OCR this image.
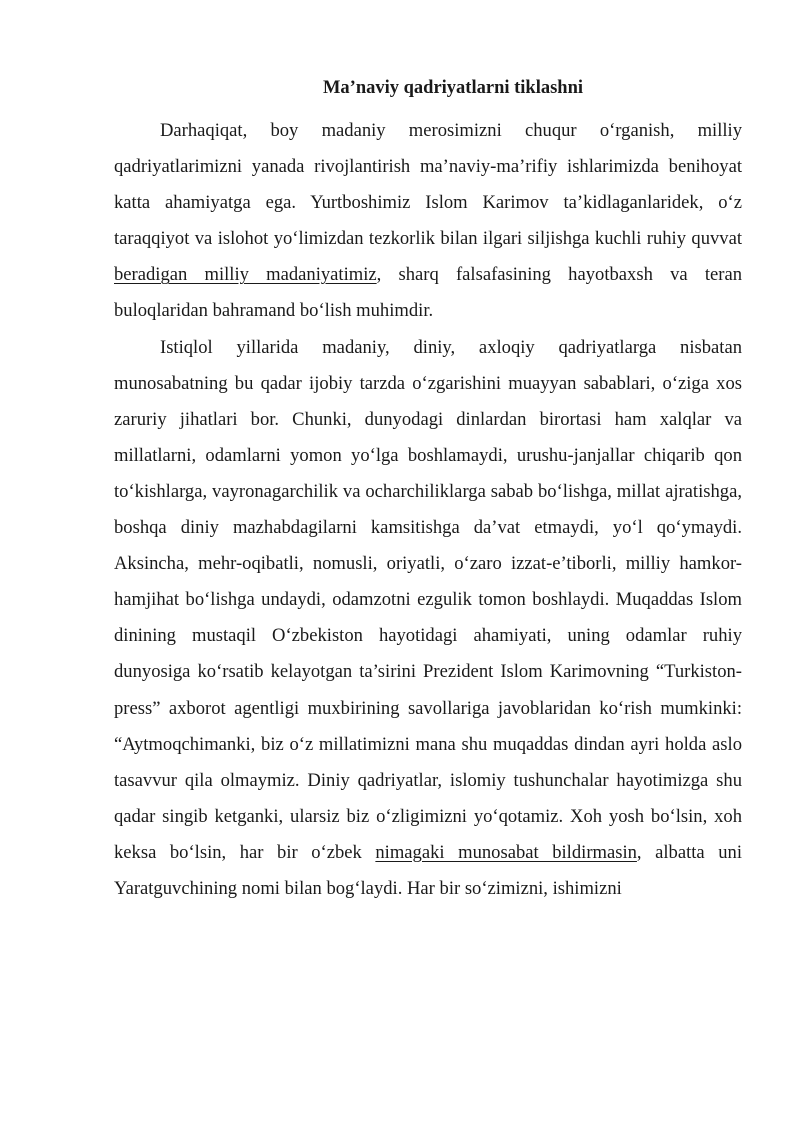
Ma’naviy qadriyatlarni tiklashni

Darhaqiqat, boy madaniy merosimizni chuqur o‘rganish, milliy qadriyatlarimizni yanada rivojlantirish ma’naviy-ma’rifiy ishlarimizda benihoyat katta ahamiyatga ega. Yurtboshimiz Islom Karimov ta’kidlaganlaridek, o‘z taraqqiyot va islohot yo‘limizdan tezkorlik bilan ilgari siljishga kuchli ruhiy quvvat beradigan milliy madaniyatimiz, sharq falsafasining hayotbaxsh va teran buloqlaridan bahramand bo‘lish muhimdir.

Istiqlol yillarida madaniy, diniy, axloqiy qadriyatlarga nisbatan munosabatning bu qadar ijobiy tarzda o‘zgarishini muayyan sabablari, o‘ziga xos zaruriy jihatlari bor. Chunki, dunyodagi dinlardan birortasi ham xalqlar va millatlarni, odamlarni yomon yo‘lga boshlamaydi, urushu-janjallar chiqarib qon to‘kishlarga, vayronagarchilik va ocharchiliklarga sabab bo‘lishga, millat ajratishga, boshqa diniy mazhabdagilarni kamsitishga da’vat etmaydi, yo‘l qo‘ymaydi. Aksincha, mehr-oqibatli, nomusli, oriyatli, o‘zaro izzat-e’tiborli, milliy hamkor-hamjihat bo‘lishga undaydi, odamzotni ezgulik tomon boshlaydi. Muqaddas Islom dinining mustaqil O‘zbekiston hayotidagi ahamiyati, uning odamlar ruhiy dunyosiga ko‘rsatib kelayotgan ta’sirini Prezident Islom Karimovning “Turkiston-press” axborot agentligi muxbirining savollariga javoblaridan ko‘rish mumkinki: “Aytmoqchimanki, biz o‘z millatimizni mana shu muqaddas dindan ayri holda aslo tasavvur qila olmaymiz. Diniy qadriyatlar, islomiy tushunchalar hayotimizga shu qadar singib ketganki, ularsiz biz o‘zligimizni yo‘qotamiz. Xoh yosh bo‘lsin, xoh keksa bo‘lsin, har bir o‘zbek nimagaki munosabat bildirmasin, albatta uni Yaratguvchining nomi bilan bog‘laydi. Har bir so‘zimizni, ishimizni
